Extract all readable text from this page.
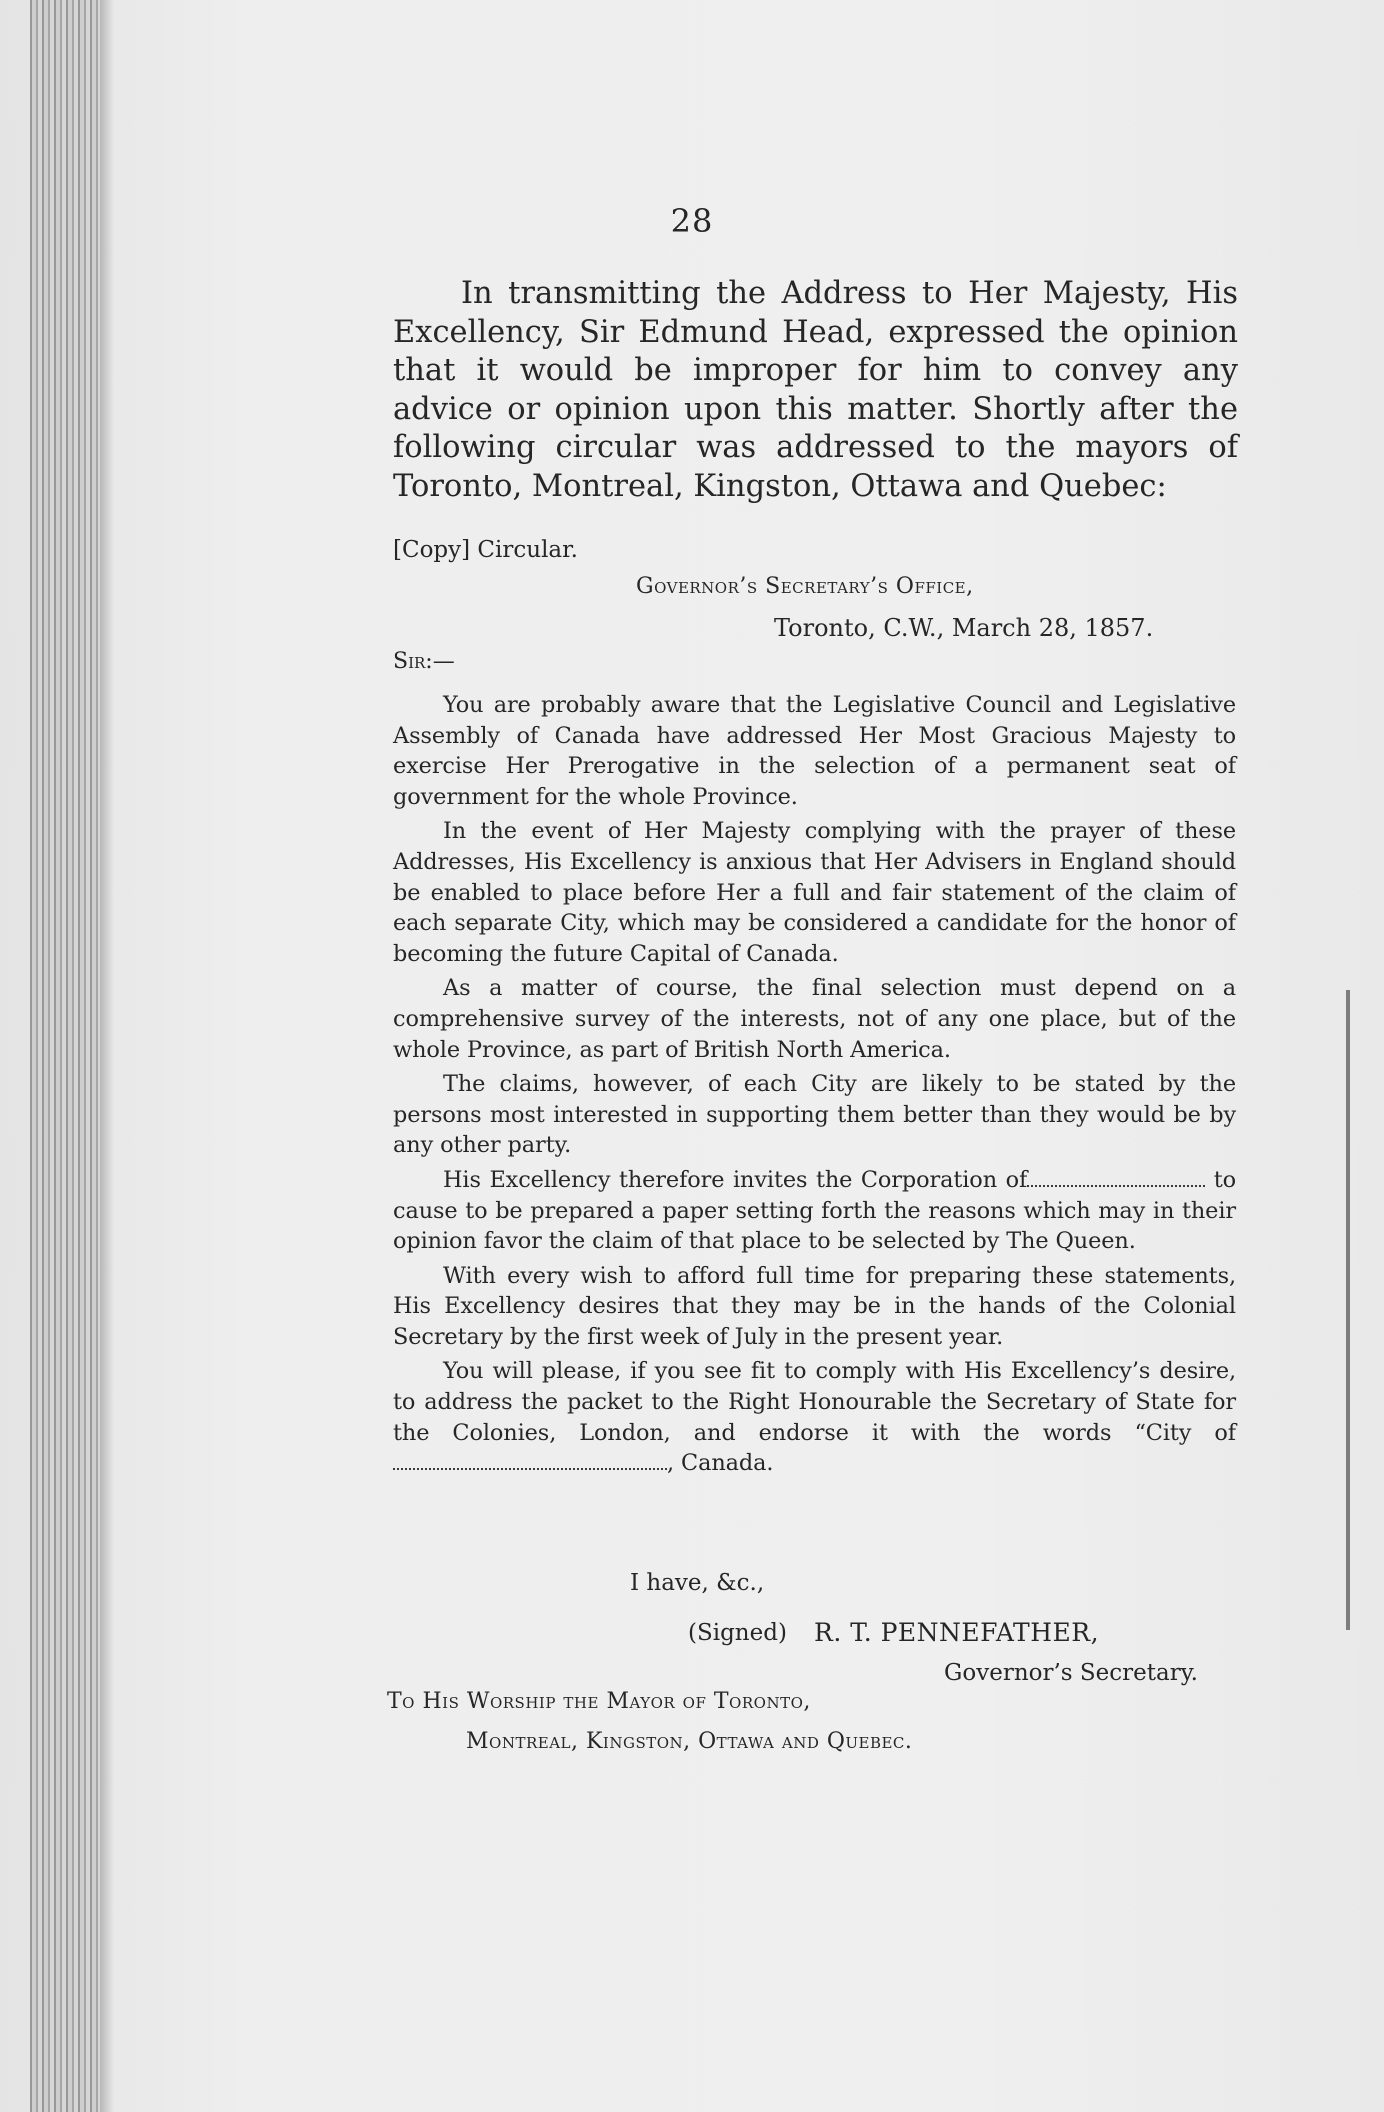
28

In transmitting the Address to Her Majesty, His Excellency, Sir Edmund Head, expressed the opinion that it would be improper for him to convey any advice or opinion upon this matter. Shortly after the following circular was addressed to the mayors of Toronto, Montreal, Kingston, Ottawa and Quebec:

[Copy] Circular.
Governor’s Secretary’s Office,
Toronto, C.W., March 28, 1857.
Sir:—

You are probably aware that the Legislative Council and Legislative Assembly of Canada have addressed Her Most Gracious Majesty to exercise Her Prerogative in the selection of a permanent seat of government for the whole Province.

In the event of Her Majesty complying with the prayer of these Addresses, His Excellency is anxious that Her Advisers in England should be enabled to place before Her a full and fair statement of the claim of each separate City, which may be considered a candidate for the honor of becoming the future Capital of Canada.

As a matter of course, the final selection must depend on a comprehensive survey of the interests, not of any one place, but of the whole Province, as part of British North America.

The claims, however, of each City are likely to be stated by the persons most interested in supporting them better than they would be by any other party.

His Excellency therefore invites the Corporation of	to cause to be prepared a paper setting forth the reasons which may in their opinion favor the claim of that place to be selected by The Queen.

With every wish to afford full time for preparing these statements, His Excellency desires that they may be in the hands of the Colonial Secretary by the first week of July in the present year.

You will please, if you see fit to comply with His Excellency’s desire, to address the packet to the Right Honourable the Secretary of State for the Colonies, London, and endorse it with the words “City of, Canada.

I have, &c.,
(Signed) R. T. PENNEFATHER,
Governor’s Secretary.
To His Worship the Mayor of Toronto,
Montreal, Kingston, Ottawa and Quebec.
